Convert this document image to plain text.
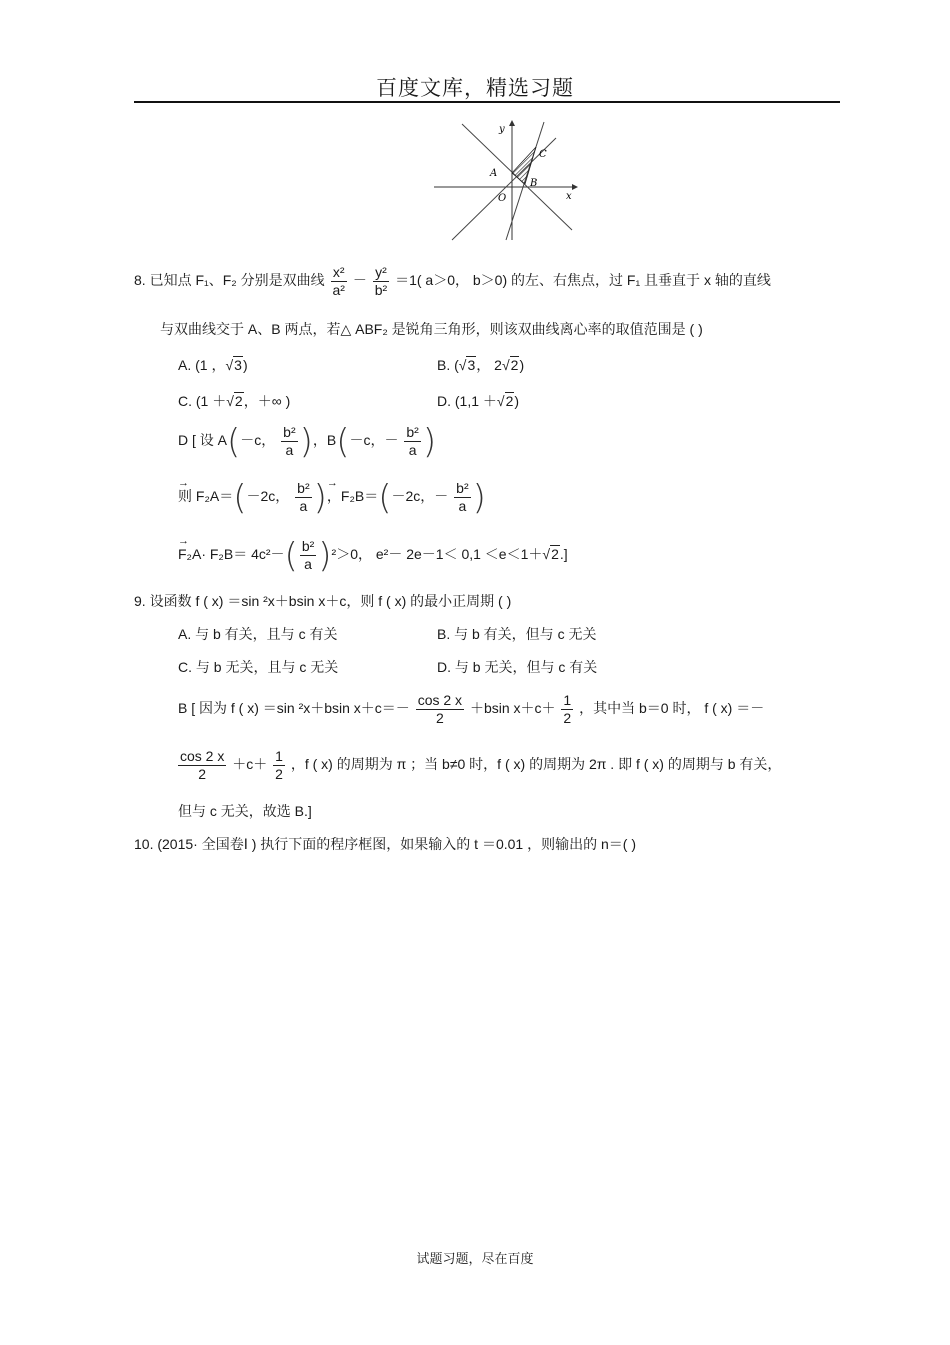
百度文库，精选习题
y
x
O
A
B
C
8. 已知点 F₁、F₂ 分别是双曲线 $\frac{\text{x²}}{\text{a²}} - \frac{\text{y²}}{\text{b²}} =1$( a＞0， b＞0) 的左、右焦点，过 F₁ 且垂直于 x 轴的直线
与双曲线交于 A、B 两点，若△ ABF₂ 是锐角三角形，则该双曲线离心率的取值范围是 ( )
A. (1 ，√3)	B. (√3， 2√2)
C. (1 ＋√2，＋∞ )	D. (1,1 ＋√2)
D [ 设 A(－c， $\frac{\text{b²}}{a}$ )，B(－c，－ $\frac{\text{b²}}{a}$ )
→ 则 F₂A＝(－2c， $\frac{\text{b²}}{a}$ )→ ，F₂B＝(－2c，－ $\frac{\text{b²}}{a}$ )
→ $F_2A\cdot F_2B= 4c^2-( \frac{\text{b²}}{a} )^2>0$， e²－ 2e－1＜ 0,1 ＜e＜1＋√2.]
9. 设函数 f ( x) ＝sin ²x＋bsin x＋c，则 f ( x) 的最小正周期 ( )
A. 与 b 有关，且与 c 有关	B. 与 b 有关，但与 c 无关
C. 与 b 无关，且与 c 无关	D. 与 b 无关，但与 c 有关
B [ 因为 f ( x) ＝sin ²x＋bsin $x+c=- \frac{\cos 2 x}{2} +bsin$ $x+c+ \frac{1}{2}$ ，其中当 b＝0 时， f ( x) ＝－
$\frac{\cos 2 x}{2} +c+ \frac{1}{2}$ ，f ( x) 的周期为 π ；当 b≠0 时，f ( x) 的周期为 2π . 即 f ( x) 的周期与 b 有关，
但与 c 无关，故选 B.]
10. (2015· 全国卷Ⅰ ) 执行下面的程序框图，如果输入的 t ＝0.01 ，则输出的 n＝( )
试题习题，尽在百度
